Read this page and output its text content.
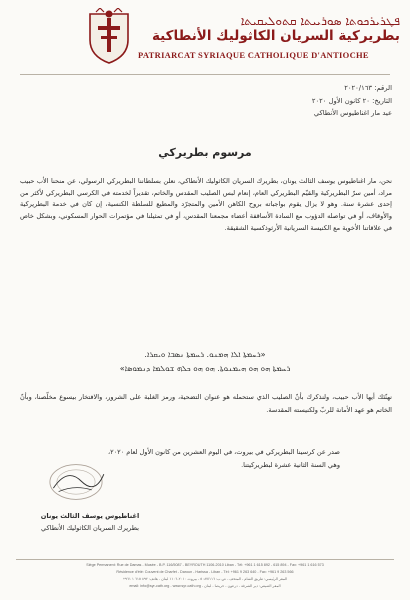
ܦܛܪܝܪܟܘܬܐ ܣܘܪܝܝܬܐ ܩܬܘܠܝܩܝܬܐ
بطريركية السريان الكاثوليك الأنطاكية
PATRIARCAT SYRIAQUE CATHOLIQUE D'ANTIOCHE
الرقم: ٢٠٢٠/١٦٣
التاريخ: ٢٠ كانون الأول ٢٠٢٠
عيد مار اغناطيوس الأنطاكي
مرسوم بطريركي

نحن، مار اغناطيوس يوسف الثالث يونان، بطريرك السريان الكاثوليك الأنطاكي، نعلن بسلطاننا البطريركي الرسولي، عن منحنا الأب حبيب مراد، أمين سرّ البطريركية والقيّم البطريركي العام، إنعام لبس الصليب المقدس والخاتم، تقديراً لخدمته في الكرسي البطريركي لأكثر من إحدى عشرة سنة. وهو لا يزال يقوم بواجباته بروح الكاهن الأمين والمتجرّد والمطيع للسلطة الكنسية، إن كان في خدمة البطريركية والأوقاف، أو في تواصله الدؤوب مع السادة الأساقفة أعضاء مجمعنا المقدس، أو في تمثيلنا في مؤتمرات الحوار المسكوني، وبشكل خاص في علاقاتنا الأخوية مع الكنيسة السريانية الأرثوذكسية الشقيقة.

«ܪܚܡܬܐ ܐܠܐ ܗܡܢܘ. ܪܚܡܬܐ ܢܣܒܐ ܘܝܩܪܐ.
ܪܚܡܬܐ ܗܘ ܗܘ ܗܝܡܢܘܬܐ. ܗܘ ܗܘ ܟܠܗ ܫܘܠܡܐ ܕܢܡܘܣܐ»

نهنّئك أيها الأب حبيب، ولنذكرك بأنّ الصليب الذي ستحمله هو عنوان التضحية، ورمز الغلبة على الشرور، والافتخار بيسوع مخلّصنا، وبأنّ الخاتم هو عهد الأمانة للربّ ولكنيسته المقدسة.

صدر عن كرسينا البطريركي في بيروت، في اليوم العشرين من كانون الأول لعام ٢٠٢٠،
وهي السنة الثانية عشرة لبطريركيتنا.
اغناطيوس يوسف الثالث يونان
بطريرك السريان الكاثوليك الأنطاكي
Siège Permanent: Rue de Damas - Musée - B.P. 116/5087 - BEYROUTH 1106-2010 Liban - Tél: +961 1 615 892 - 615 894 - Fax: +961 1 616 573
Résidence d'été: Couvent de Charfet - Daroun - Harissa - Liban - Tél: +961 9 263 640 - Fax: +961 9 263 566
المقر الرئيسي: طريق الشام - المتحف - ص.ب: ٥٠٨٧/١١٦ - بيروت ٢٠١٠-١١٠٦ لبنان - هاتف: ٨٩٢ ٦١٥ ١ ٩٦١+
المقر الصيفي: دير الشرفة - درعون - حريصا - لبنان - email: info@syr-cath.org - www.syr-cath.org
